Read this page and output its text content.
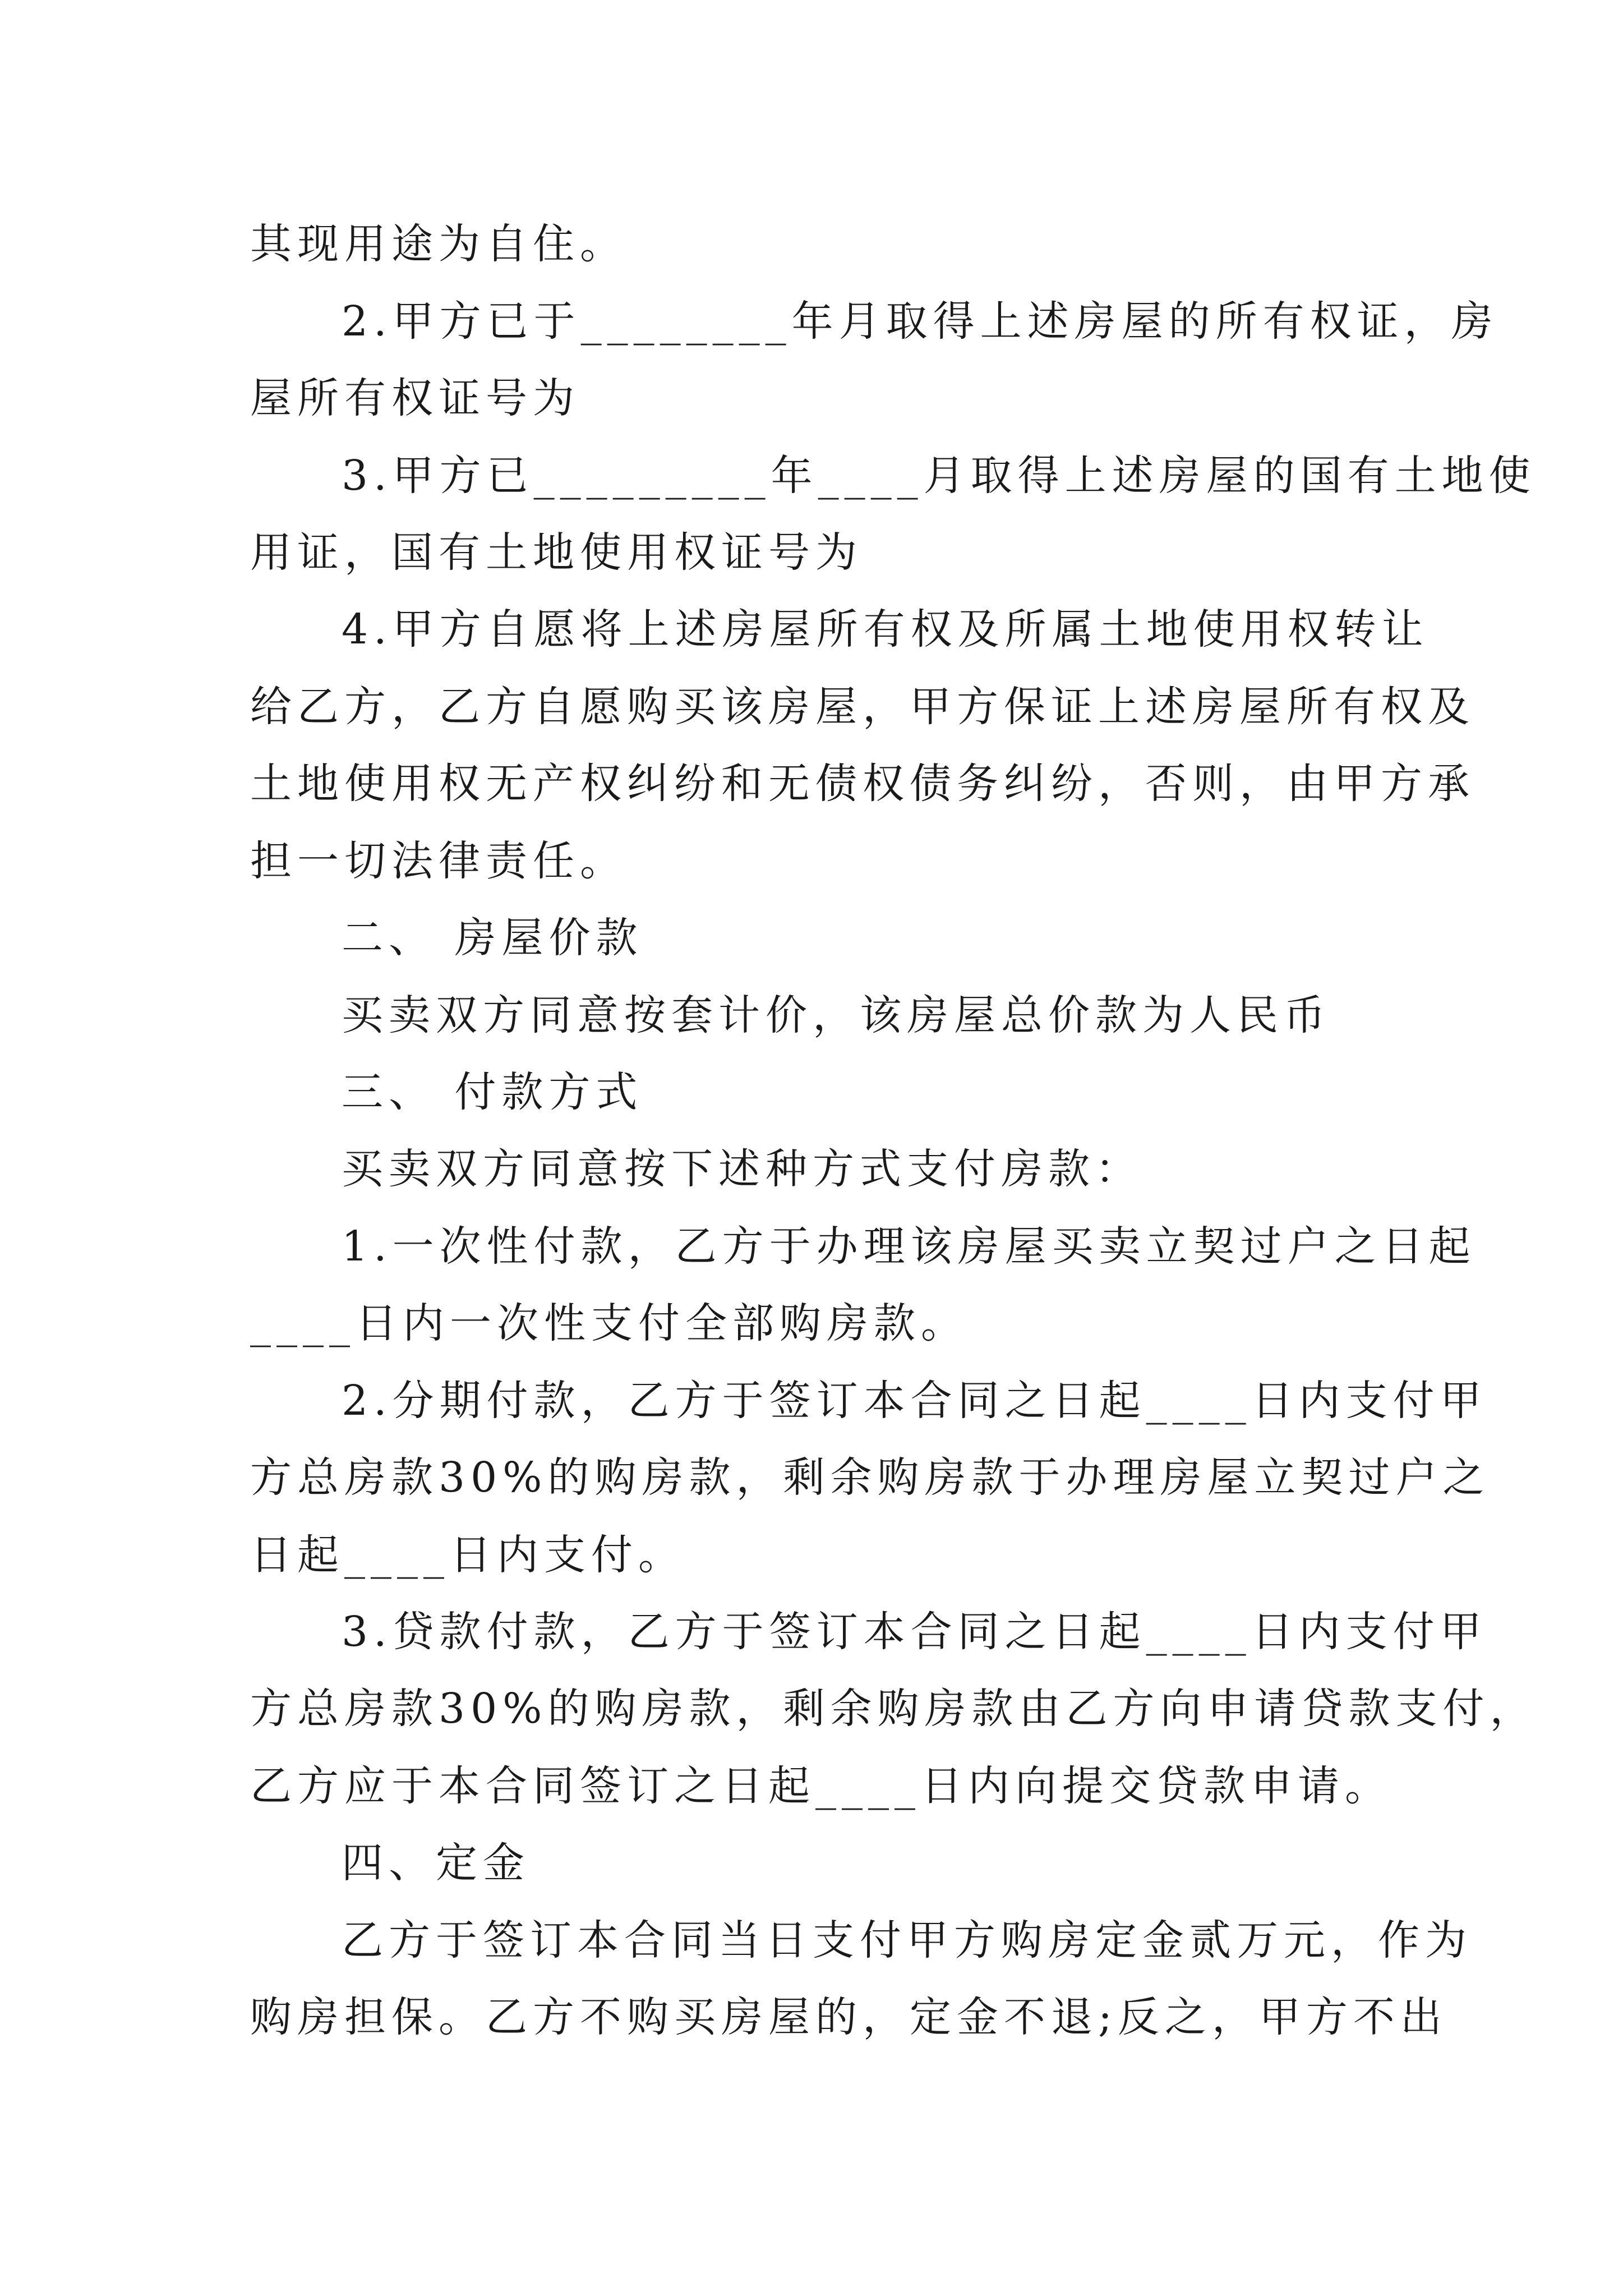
其现用途为自住。
2.甲方已于________年月取得上述房屋的所有权证，房
屋所有权证号为
3.甲方已_________年____月取得上述房屋的国有土地使
用证，国有土地使用权证号为
4.甲方自愿将上述房屋所有权及所属土地使用权转让
给乙方，乙方自愿购买该房屋，甲方保证上述房屋所有权及
土地使用权无产权纠纷和无债权债务纠纷，否则，由甲方承
担一切法律责任。
二、 房屋价款
买卖双方同意按套计价，该房屋总价款为人民币
三、 付款方式
买卖双方同意按下述种方式支付房款：
1.一次性付款，乙方于办理该房屋买卖立契过户之日起
____日内一次性支付全部购房款。
2.分期付款，乙方于签订本合同之日起____日内支付甲
方总房款30%的购房款，剩余购房款于办理房屋立契过户之
日起____日内支付。
3.贷款付款，乙方于签订本合同之日起____日内支付甲
方总房款30%的购房款，剩余购房款由乙方向申请贷款支付，
乙方应于本合同签订之日起____日内向提交贷款申请。
四、定金
乙方于签订本合同当日支付甲方购房定金贰万元，作为
购房担保。乙方不购买房屋的，定金不退;反之，甲方不出
